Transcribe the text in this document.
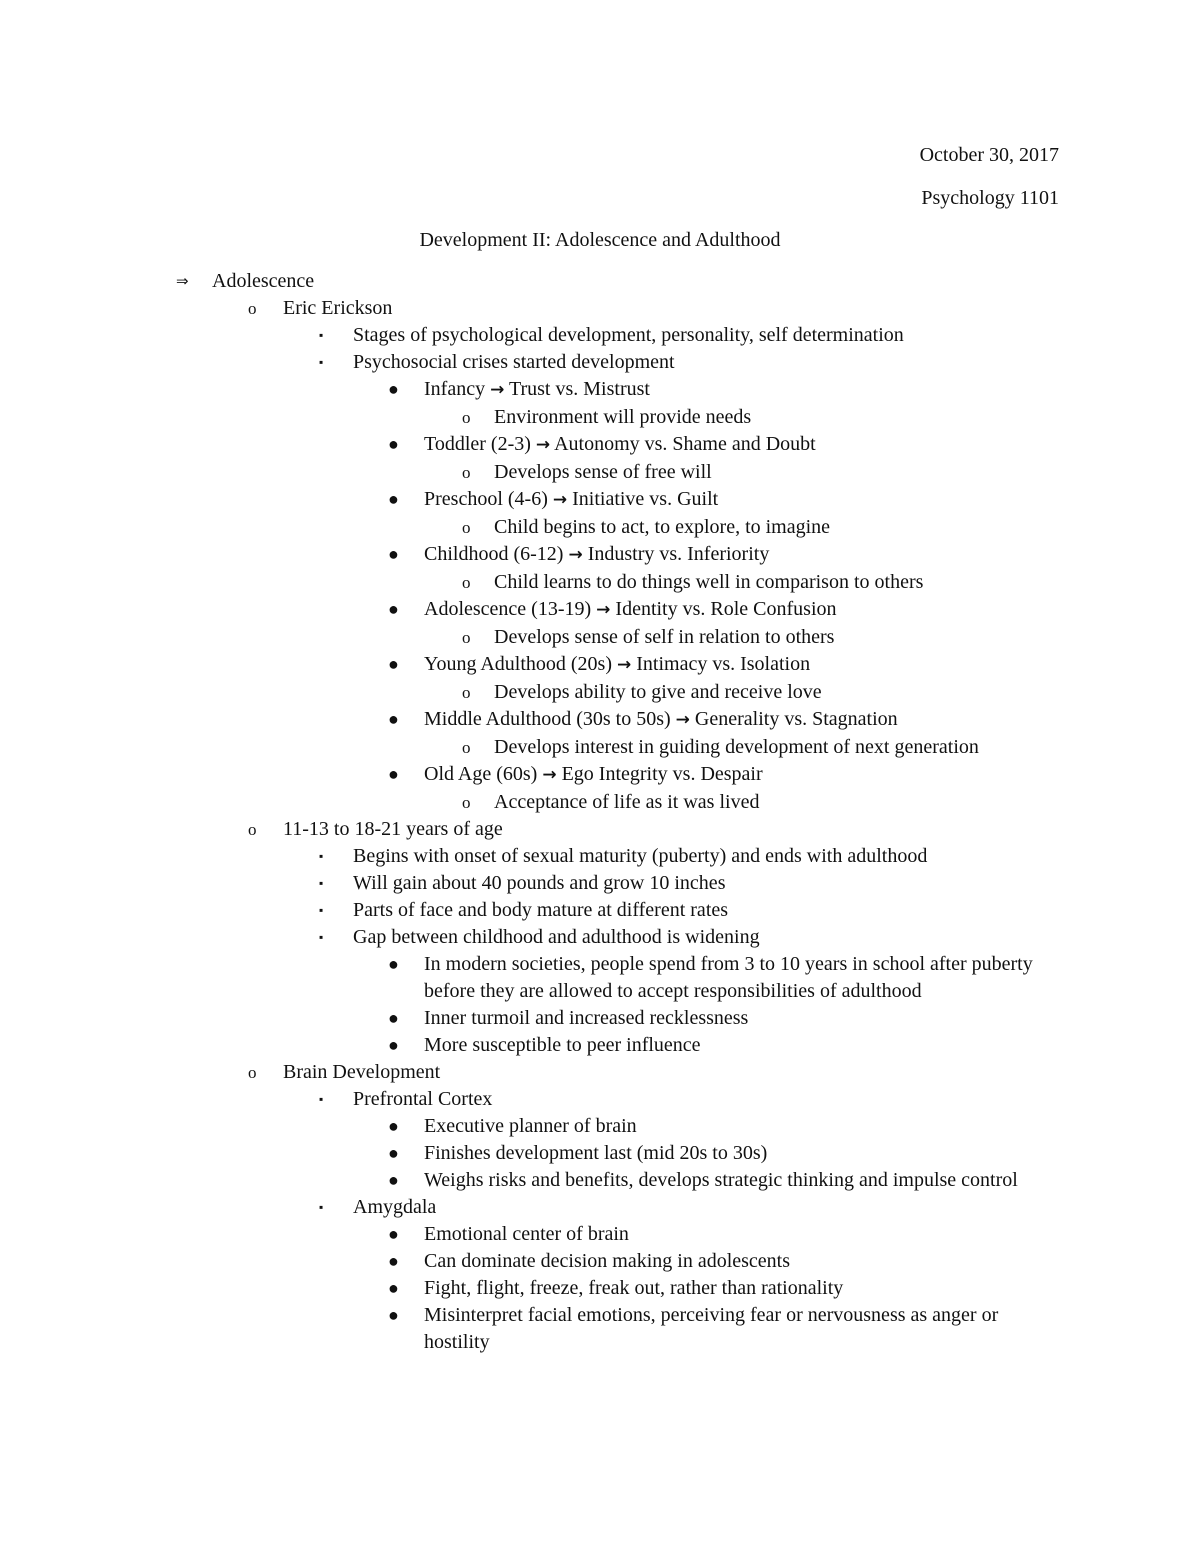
October 30, 2017
Psychology 1101
Development II: Adolescence and Adulthood
⇒ Adolescence
o Eric Erickson
▪ Stages of psychological development, personality, self determination
▪ Psychosocial crises started development
● Infancy → Trust vs. Mistrust
o Environment will provide needs
● Toddler (2-3) → Autonomy vs. Shame and Doubt
o Develops sense of free will
● Preschool (4-6) → Initiative vs. Guilt
o Child begins to act, to explore, to imagine
● Childhood (6-12) → Industry vs. Inferiority
o Child learns to do things well in comparison to others
● Adolescence (13-19) → Identity vs. Role Confusion
o Develops sense of self in relation to others
● Young Adulthood (20s) → Intimacy vs. Isolation
o Develops ability to give and receive love
● Middle Adulthood (30s to 50s) → Generality vs. Stagnation
o Develops interest in guiding development of next generation
● Old Age (60s) → Ego Integrity vs. Despair
o Acceptance of life as it was lived
o 11-13 to 18-21 years of age
▪ Begins with onset of sexual maturity (puberty) and ends with adulthood
▪ Will gain about 40 pounds and grow 10 inches
▪ Parts of face and body mature at different rates
▪ Gap between childhood and adulthood is widening
● In modern societies, people spend from 3 to 10 years in school after puberty before they are allowed to accept responsibilities of adulthood
● Inner turmoil and increased recklessness
● More susceptible to peer influence
o Brain Development
▪ Prefrontal Cortex
● Executive planner of brain
● Finishes development last (mid 20s to 30s)
● Weighs risks and benefits, develops strategic thinking and impulse control
▪ Amygdala
● Emotional center of brain
● Can dominate decision making in adolescents
● Fight, flight, freeze, freak out, rather than rationality
● Misinterpret facial emotions, perceiving fear or nervousness as anger or hostility
